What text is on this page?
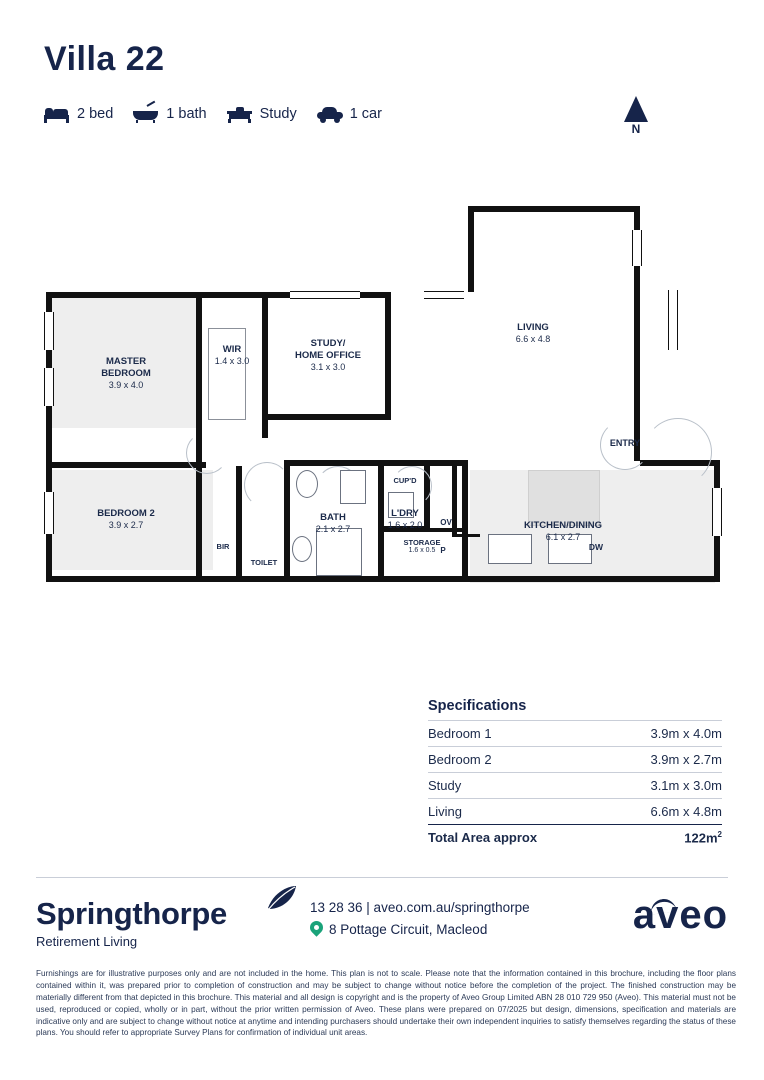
Villa 22
2 bed	1 bath	Study	1 car
N
MASTER
BEDROOM
3.9 x 4.0
BEDROOM 2
3.9 x 2.7
WIR
1.4 x 3.0
STUDY/
HOME OFFICE
3.1 x 3.0
LIVING
6.6 x 4.8
KITCHEN/DINING
6.1 x 2.7
BATH
2.1 x 2.7
L'DRY
1.6 x 2.0
STORAGE
1.6 x 0.5
BIR
TOILET
CUP'D
ENTRY
OV
P	DW
Specifications
Bedroom 1	3.9m x 4.0m
Bedroom 2	3.9m x 2.7m
Study	3.1m x 3.0m
Living	6.6m x 4.8m
Total Area approx	$122m^2$
Springthorpe
Retirement Living
13 28 36 | aveo.com.au/springthorpe
8 Pottage Circuit, Macleod	aveo
Furnishings are for illustrative purposes only and are not included in the home. This plan is not to scale. Please note that the information contained in this brochure, including the floor plans contained within it, was prepared prior to completion of construction and may be subject to change without notice before the completion of the project. The finished construction may be materially different from that depicted in this brochure. This material and all design is copyright and is the property of Aveo Group Limited ABN 28 010 729 950 (Aveo). This material must not be used, reproduced or copied, wholly or in part, without the prior written permission of Aveo. These plans were prepared on 07/2025 but design, dimensions, specification and materials are indicative only and are subject to change without notice at anytime and intending purchasers should undertake their own independent inquiries to satisfy themselves regarding the status of these plans. You should refer to appropriate Survey Plans for confirmation of individual unit areas.
